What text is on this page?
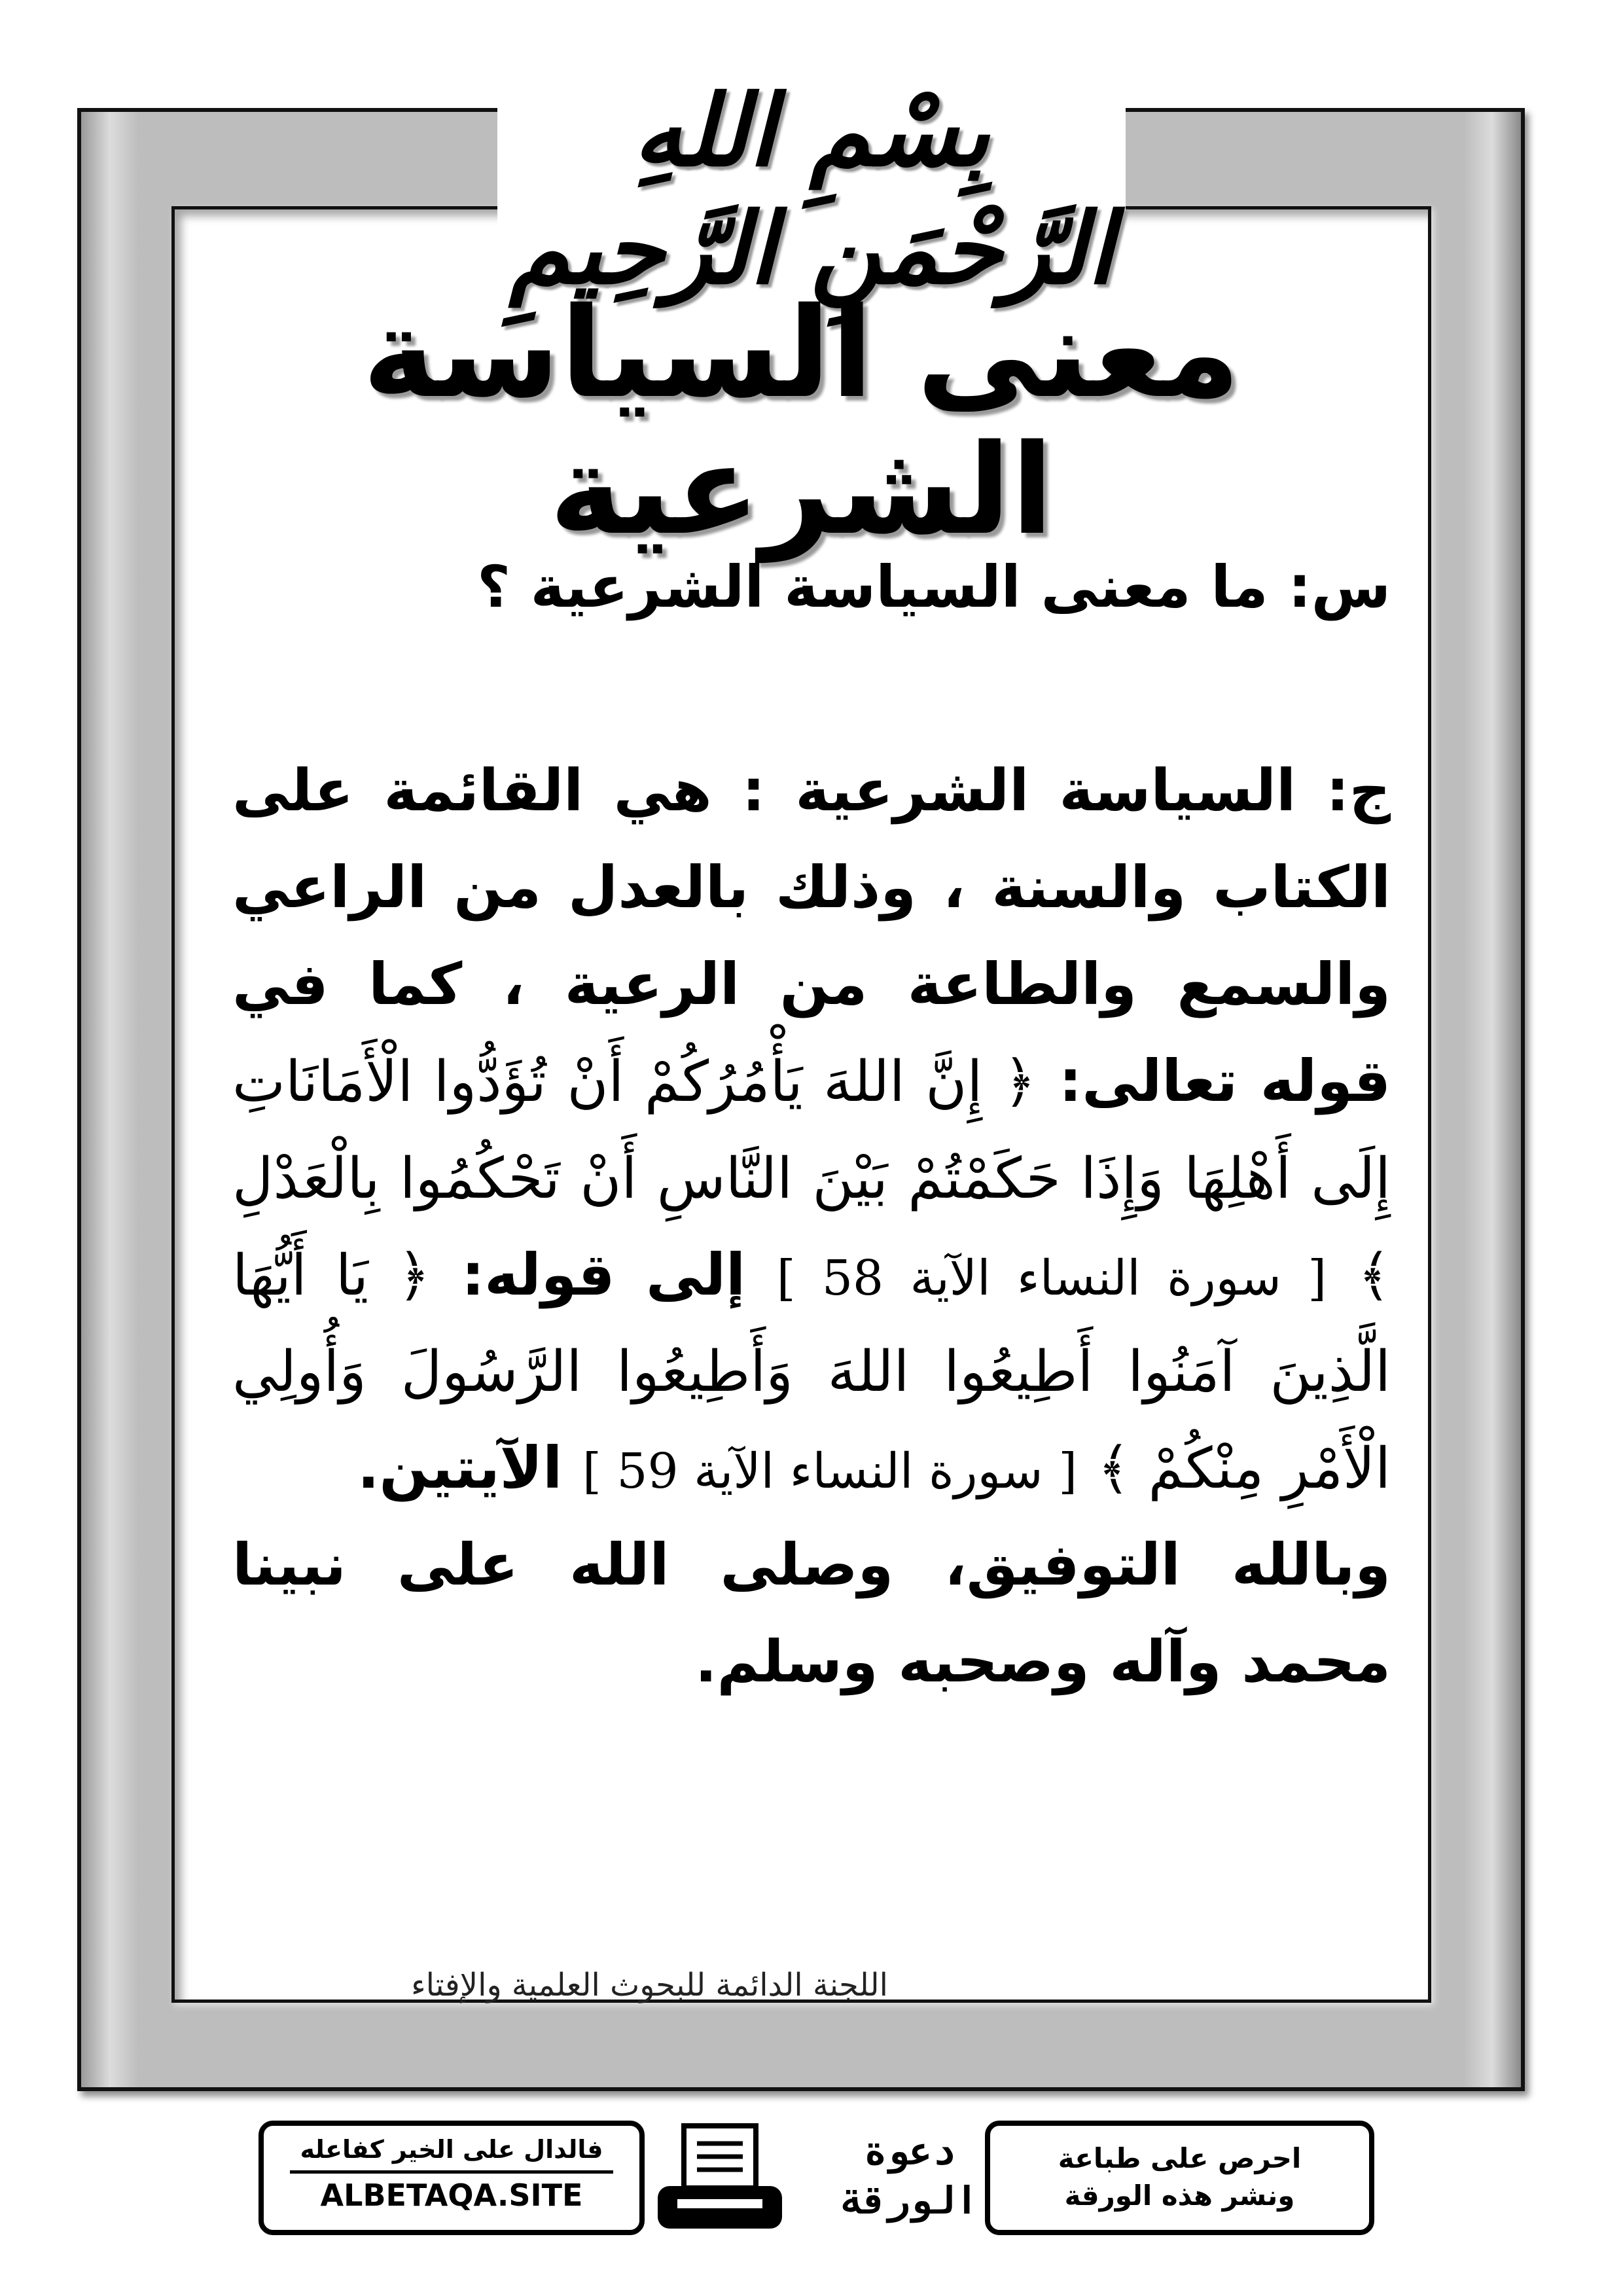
بِسْمِ اللهِ الرَّحْمَنِ الرَّحِيمِ
معنى السياسة الشرعية

س: ما معنى السياسة الشرعية ؟

ج: السياسة الشرعية : هي القائمة على الكتاب والسنة ، وذلك بالعدل من الراعي والسمع والطاعة من الرعية ، كما في قوله تعالى: ﴿ إِنَّ اللهَ يَأْمُرُكُمْ أَنْ تُؤَدُّوا الْأَمَانَاتِ إِلَى أَهْلِهَا وَإِذَا حَكَمْتُمْ بَيْنَ النَّاسِ أَنْ تَحْكُمُوا بِالْعَدْلِ ﴾ [ سورة النساء الآية 58 ] إلى قوله: ﴿ يَا أَيُّهَا الَّذِينَ آمَنُوا أَطِيعُوا اللهَ وَأَطِيعُوا الرَّسُولَ وَأُولِي الْأَمْرِ مِنْكُمْ ﴾ [ سورة النساء الآية 59 ] الآيتين.
وبالله التوفيق، وصلى الله على نبينا محمد وآله وصحبه وسلم.

اللجنة الدائمة للبحوث العلمية والإفتاء
فالدال على الخير كفاعله
ALBETAQA.SITE
دعوة
الورقة
احرص على طباعة
ونشر هذه الورقة
